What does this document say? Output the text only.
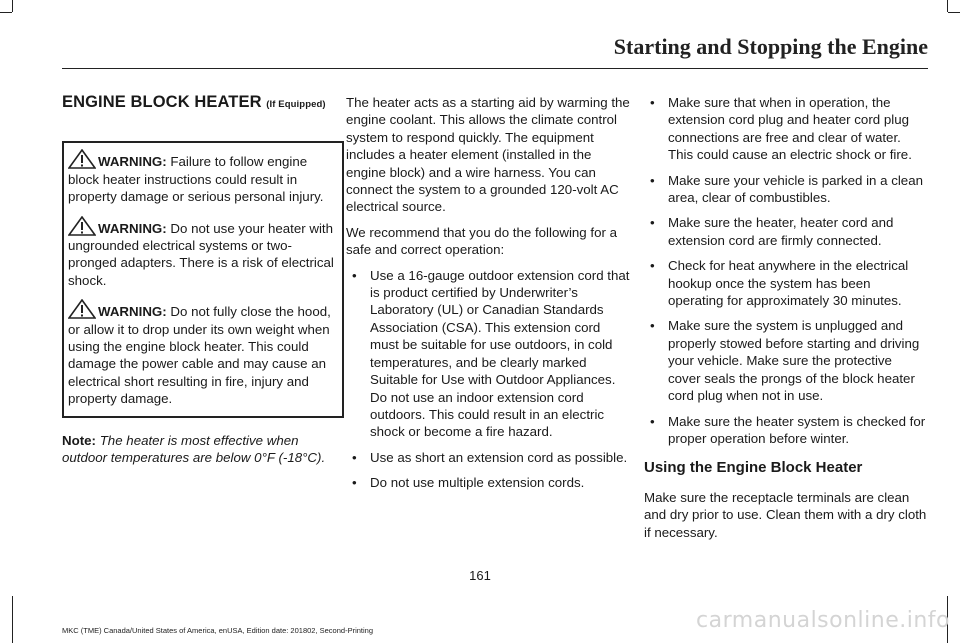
Starting and Stopping the Engine
ENGINE BLOCK HEATER (If Equipped)
WARNING: Failure to follow engine block heater instructions could result in property damage or serious personal injury.
WARNING: Do not use your heater with ungrounded electrical systems or two-pronged adapters. There is a risk of electrical shock.
WARNING: Do not fully close the hood, or allow it to drop under its own weight when using the engine block heater. This could damage the power cable and may cause an electrical short resulting in fire, injury and property damage.
Note: The heater is most effective when outdoor temperatures are below 0°F (-18°C).

The heater acts as a starting aid by warming the engine coolant. This allows the climate control system to respond quickly. The equipment includes a heater element (installed in the engine block) and a wire harness. You can connect the system to a grounded 120-volt AC electrical source.

We recommend that you do the following for a safe and correct operation:

• Use a 16-gauge outdoor extension cord that is product certified by Underwriter’s Laboratory (UL) or Canadian Standards Association (CSA). This extension cord must be suitable for use outdoors, in cold temperatures, and be clearly marked Suitable for Use with Outdoor Appliances. Do not use an indoor extension cord outdoors. This could result in an electric shock or become a fire hazard.
• Use as short an extension cord as possible.
• Do not use multiple extension cords.
• Make sure that when in operation, the extension cord plug and heater cord plug connections are free and clear of water. This could cause an electric shock or fire.
• Make sure your vehicle is parked in a clean area, clear of combustibles.
• Make sure the heater, heater cord and extension cord are firmly connected.
• Check for heat anywhere in the electrical hookup once the system has been operating for approximately 30 minutes.
• Make sure the system is unplugged and properly stowed before starting and driving your vehicle. Make sure the protective cover seals the prongs of the block heater cord plug when not in use.
• Make sure the heater system is checked for proper operation before winter.
Using the Engine Block Heater

Make sure the receptacle terminals are clean and dry prior to use. Clean them with a dry cloth if necessary.

161
MKC (TME) Canada/United States of America, enUSA, Edition date: 201802, Second-Printing	carmanualsonline.info
